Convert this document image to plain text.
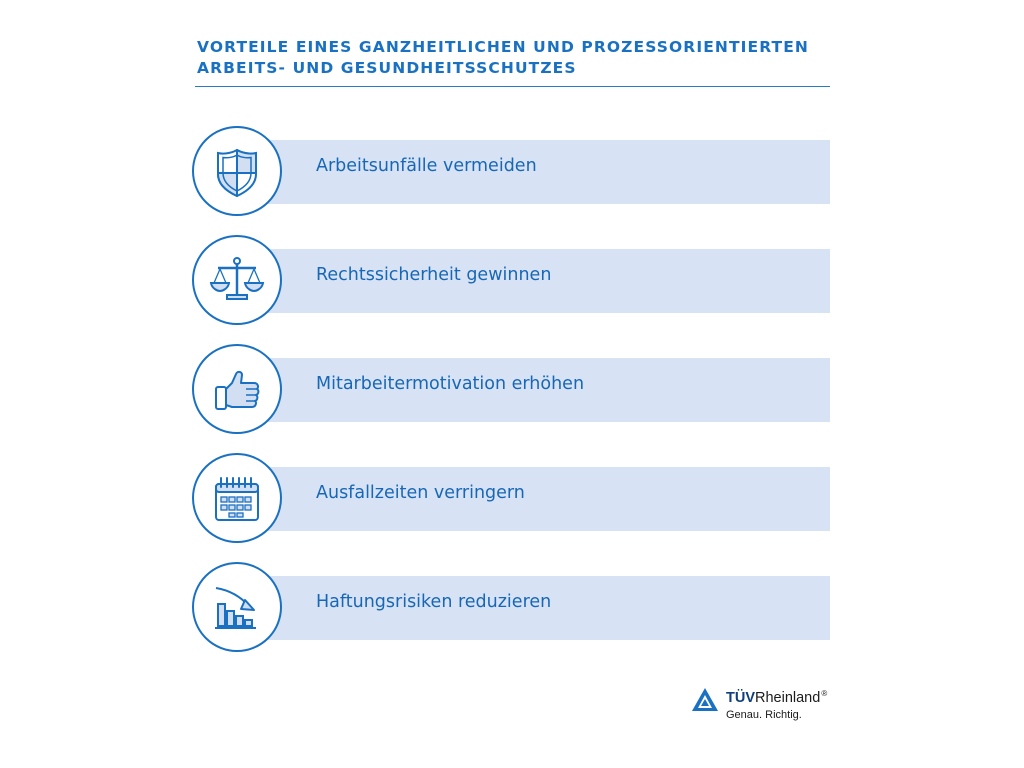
VORTEILE EINES GANZHEITLICHEN UND PROZESSORIENTIERTEN
ARBEITS- UND GESUNDHEITSSCHUTZES
Arbeitsunfälle vermeiden
Rechtssicherheit gewinnen
Mitarbeitermotivation erhöhen
Ausfallzeiten verringern
Haftungsrisiken reduzieren
TÜVRheinland®
Genau. Richtig.
